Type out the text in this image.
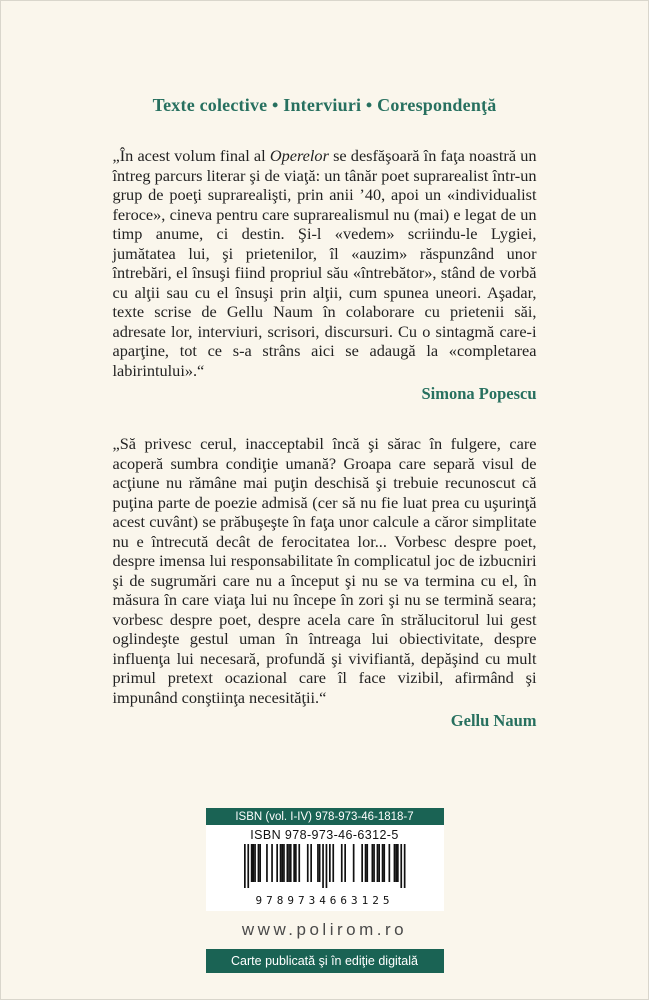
Texte colective • Interviuri • Corespondenţă

„În acest volum final al Operelor se desfăşoară în faţa noastră un întreg parcurs literar şi de viaţă: un tânăr poet suprarealist într-un grup de poeţi suprarealişti, prin anii ’40, apoi un «individualist feroce», cineva pentru care suprarealismul nu (mai) e legat de un timp anume, ci destin. Şi-l «vedem» scriindu-le Lygiei, jumătatea lui, şi prietenilor, îl «auzim» răspunzând unor întrebări, el însuşi fiind propriul său «întrebător», stând de vorbă cu alţii sau cu el însuşi prin alţii, cum spunea uneori. Aşadar, texte scrise de Gellu Naum în colaborare cu prietenii săi, adresate lor, interviuri, scrisori, discursuri. Cu o sintagmă care-i aparţine, tot ce s-a strâns aici se adaugă la «completarea labirintului».“

Simona Popescu

„Să privesc cerul, inacceptabil încă şi sărac în fulgere, care acoperă sumbra condiţie umană? Groapa care separă visul de acţiune nu rămâne mai puţin deschisă şi trebuie recunoscut că puţina parte de poezie admisă (cer să nu fie luat prea cu uşurinţă acest cuvânt) se prăbuşeşte în faţa unor calcule a căror simplitate nu e întrecută decât de ferocitatea lor... Vorbesc despre poet, despre imensa lui responsabilitate în complicatul joc de izbucniri şi de sugrumări care nu a început şi nu se va termina cu el, în măsura în care viaţa lui nu începe în zori şi nu se termină seara; vorbesc despre poet, despre acela care în strălucitorul lui gest oglindeşte gestul uman în întreaga lui obiectivitate, despre influenţa lui necesară, profundă şi vivifiantă, depăşind cu mult primul pretext ocazional care îl face vizibil, afirmând şi impunând conştiinţa necesităţii.“

Gellu Naum
ISBN (vol. I-IV) 978-973-46-1818-7
ISBN 978-973-46-6312-5
9789734663125
www.polirom.ro
Carte publicată şi în ediţie digitală
